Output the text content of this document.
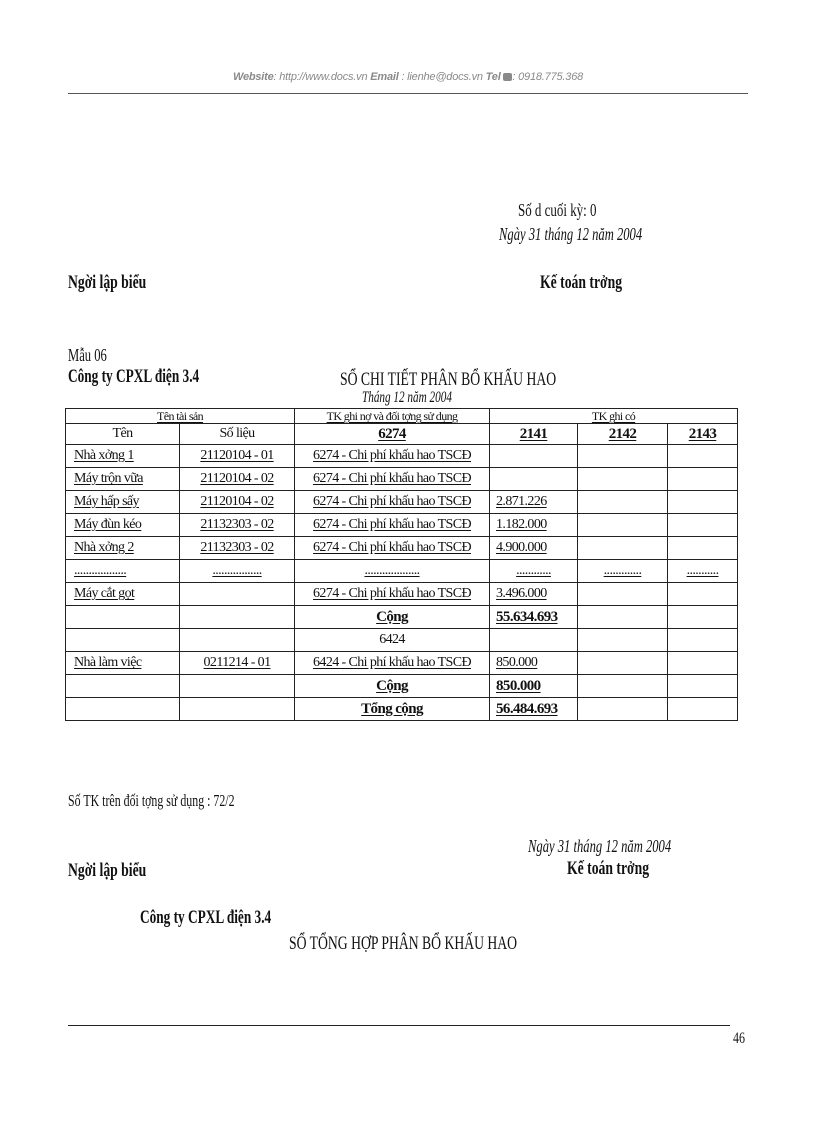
Website: http://www.docs.vn Email : lienhe@docs.vn Tel : 0918.775.368
Số d cuối kỳ: 0
Ngày 31 tháng 12 năm 2004
Ngời lập biểu	Kế toán trởng
Mẫu 06
Công ty CPXL điện 3.4	SỔ CHI TIẾT PHÂN BỔ KHẤU HAO
Tháng 12 năm 2004
Tên tài sản		TK ghi nợ và đối tợng sử dụng	TK ghi có		
Tên	Số liệu	6274	2141	2142	2143
Nhà xởng 1	21120104 - 01	6274 - Chi phí khấu hao TSCĐ			
Máy trộn vữa	21120104 - 02	6274 - Chi phí khấu hao TSCĐ			
Máy hấp sấy	21120104 - 02	6274 - Chi phí khấu hao TSCĐ	2.871.226		
Máy đùn kéo	21132303 - 02	6274 - Chi phí khấu hao TSCĐ	1.182.000		
Nhà xởng 2	21132303 - 02	6274 - Chi phí khấu hao TSCĐ	4.900.000		
..................	.................	...................	............	.............	...........
Máy cắt gọt		6274 - Chi phí khấu hao TSCĐ	3.496.000		
		Cộng	55.634.693		
		6424			
Nhà làm việc	0211214 - 01	6424 - Chi phí khấu hao TSCĐ	850.000		
		Cộng	850.000		
		Tổng cộng	56.484.693		
Số TK trên đối tợng sử dụng : 72/2
Ngày 31 tháng 12 năm 2004
Ngời lập biểu	Kế toán trởng
Công ty CPXL điện 3.4
SỔ TỔNG HỢP PHÂN BỔ KHẤU HAO
46
